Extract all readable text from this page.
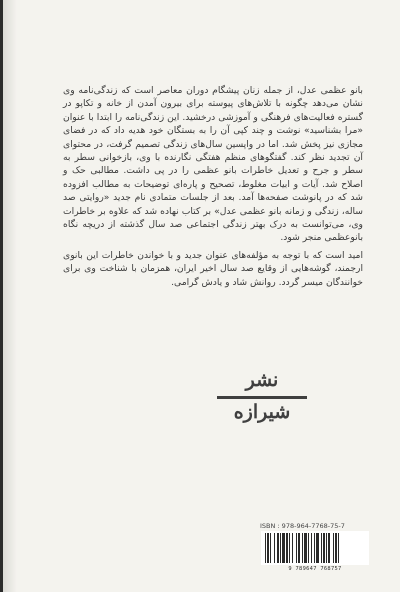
بانو عظمی عدل، از جمله زنان پیشگام دوران معاصر است که زندگی‌نامه وی نشان می‌دهد چگونه با تلاش‌های پیوسته برای بیرون آمدن از خانه و تکاپو در گستره فعالیت‌های فرهنگی و آموزشی درخشید. این زندگی‌نامه را ابتدا با عنوان «مرا بشناسید» نوشت و چند کپی آن را به بستگان خود هدیه داد که در فضای مجازی نیز پخش شد. اما در واپسین سال‌های زندگی تصمیم گرفت، در محتوای آن تجدید نظر کند. گفتگوهای منظم هفتگی نگارنده با وی، بازخوانی سطر به سطر و جرح و تعدیل خاطرات بانو عظمی را در پی داشت. مطالبی حک و اصلاح شد. آیات و ابیات مغلوط، تصحیح و پاره‌ای توضیحات به مطالب افزوده شد که در پانوشت صفحه‌ها آمد. بعد از جلسات متمادی نام جدید «روایتی صد ساله، زندگی و زمانه بانو عظمی عدل» بر کتاب نهاده شد که علاوه بر خاطرات وی، می‌توانست به درک بهتر زندگی اجتماعی صد سال گذشته از دریچه نگاه بانوعظمی منجر شود.

امید است که با توجه به مؤلفه‌های عنوان جدید و با خواندن خاطرات این بانوی ارجمند، گوشه‌هایی از وقایع صد سال اخیر ایران، همزمان با شناخت وی برای خوانندگان میسر گردد. روانش شاد و یادش گرامی.

نشر شیرازه
ISBN : 978-964-7768-75-7
9 789647 768757
